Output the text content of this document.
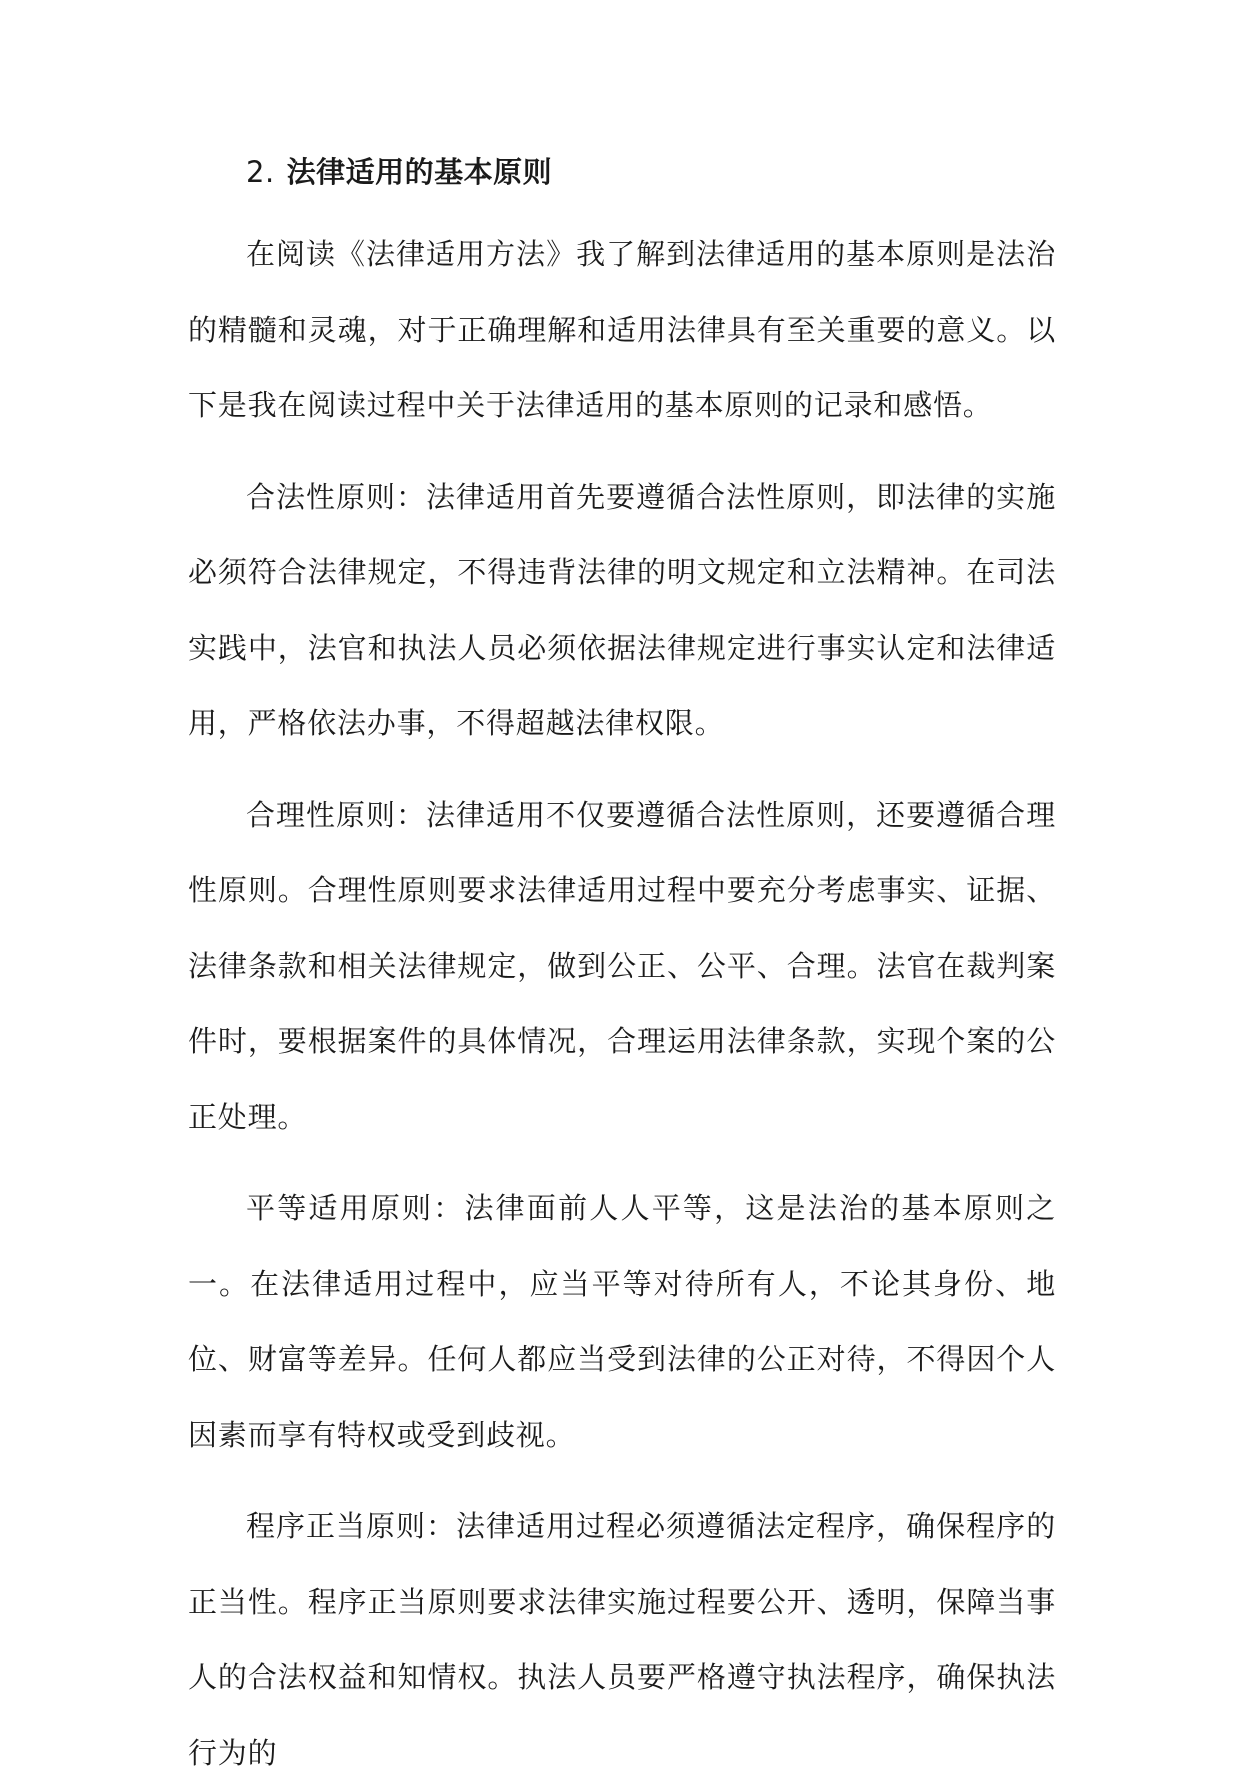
2. 法律适用的基本原则

在阅读《法律适用方法》我了解到法律适用的基本原则是法治的精髓和灵魂，对于正确理解和适用法律具有至关重要的意义。以下是我在阅读过程中关于法律适用的基本原则的记录和感悟。

合法性原则：法律适用首先要遵循合法性原则，即法律的实施必须符合法律规定，不得违背法律的明文规定和立法精神。在司法实践中，法官和执法人员必须依据法律规定进行事实认定和法律适用，严格依法办事，不得超越法律权限。

合理性原则：法律适用不仅要遵循合法性原则，还要遵循合理性原则。合理性原则要求法律适用过程中要充分考虑事实、证据、法律条款和相关法律规定，做到公正、公平、合理。法官在裁判案件时，要根据案件的具体情况，合理运用法律条款，实现个案的公正处理。

平等适用原则：法律面前人人平等，这是法治的基本原则之一。在法律适用过程中，应当平等对待所有人，不论其身份、地位、财富等差异。任何人都应当受到法律的公正对待，不得因个人因素而享有特权或受到歧视。

程序正当原则：法律适用过程必须遵循法定程序，确保程序的正当性。程序正当原则要求法律实施过程要公开、透明，保障当事人的合法权益和知情权。执法人员要严格遵守执法程序，确保执法行为的
